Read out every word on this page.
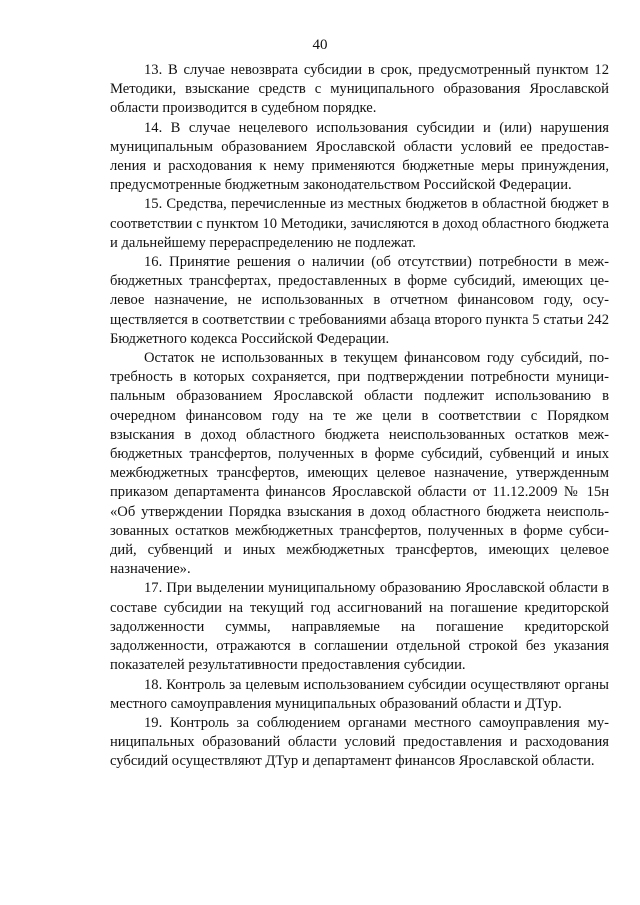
40

13. В случае невозврата субсидии в срок, предусмотренный пунктом 12 Методики, взыскание средств с муниципального образования Ярославской области производится в судебном порядке.

14. В случае нецелевого использования субсидии и (или) нарушения муниципальным образованием Ярославской области условий ее предоставления и расходования к нему применяются бюджетные меры принуждения, предусмотренные бюджетным законодательством Российской Федерации.

15. Средства, перечисленные из местных бюджетов в областной бюджет в соответствии с пунктом 10 Методики, зачисляются в доход областного бюджета и дальнейшему перераспределению не подлежат.

16. Принятие решения о наличии (об отсутствии) потребности в межбюджетных трансфертах, предоставленных в форме субсидий, имеющих целевое назначение, не использованных в отчетном финансовом году, осуществляется в соответствии с требованиями абзаца второго пункта 5 статьи 242 Бюджетного кодекса Российской Федерации.

Остаток не использованных в текущем финансовом году субсидий, потребность в которых сохраняется, при подтверждении потребности муниципальным образованием Ярославской области подлежит использованию в очередном финансовом году на те же цели в соответствии с Порядком взыскания в доход областного бюджета неиспользованных остатков межбюджетных трансфертов, полученных в форме субсидий, субвенций и иных межбюджетных трансфертов, имеющих целевое назначение, утвержденным приказом департамента финансов Ярославской области от 11.12.2009 № 15н «Об утверждении Порядка взыскания в доход областного бюджета неиспользованных остатков межбюджетных трансфертов, полученных в форме субсидий, субвенций и иных межбюджетных трансфертов, имеющих целевое назначение».

17. При выделении муниципальному образованию Ярославской области в составе субсидии на текущий год ассигнований на погашение кредиторской задолженности суммы, направляемые на погашение кредиторской задолженности, отражаются в соглашении отдельной строкой без указания показателей результативности предоставления субсидии.

18. Контроль за целевым использованием субсидии осуществляют органы местного самоуправления муниципальных образований области и ДТур.

19. Контроль за соблюдением органами местного самоуправления муниципальных образований области условий предоставления и расходования субсидий осуществляют ДТур и департамент финансов Ярославской области.
